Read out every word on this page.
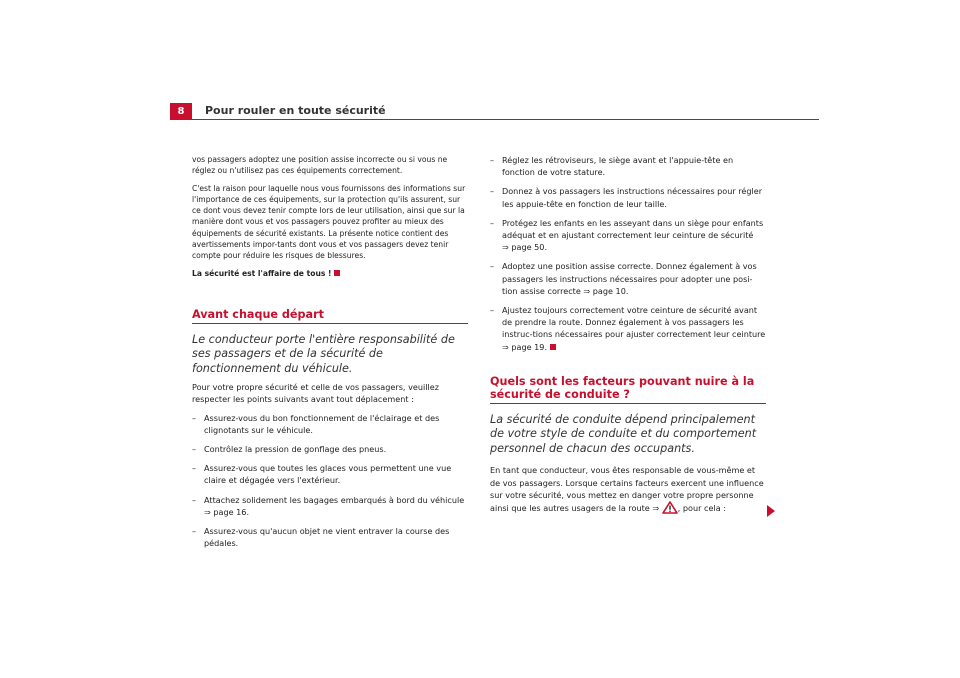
8	Pour rouler en toute sécurité

vos passagers adoptez une position assise incorrecte ou si vous ne réglez ou n'utilisez pas ces équipements correctement.

C'est la raison pour laquelle nous vous fournissons des informations sur l'importance de ces équipements, sur la protection qu'ils assurent, sur ce dont vous devez tenir compte lors de leur utilisation, ainsi que sur la manière dont vous et vos passagers pouvez profiter au mieux des équipements de sécurité existants. La présente notice contient des avertissements impor-tants dont vous et vos passagers devez tenir compte pour réduire les risques de blessures.

La sécurité est l'affaire de tous !

Avant chaque départ

Le conducteur porte l'entière responsabilité de ses passagers et de la sécurité de fonctionnement du véhicule.

Pour votre propre sécurité et celle de vos passagers, veuillez respecter les points suivants avant tout déplacement :

– Assurez-vous du bon fonctionnement de l'éclairage et des clignotants sur le véhicule.
– Contrôlez la pression de gonflage des pneus.
– Assurez-vous que toutes les glaces vous permettent une vue claire et dégagée vers l'extérieur.
– Attachez solidement les bagages embarqués à bord du véhicule
⇒ page 16.
– Assurez-vous qu'aucun objet ne vient entraver la course des pédales.
– Réglez les rétroviseurs, le siège avant et l'appuie-tête en fonction de votre stature.
– Donnez à vos passagers les instructions nécessaires pour régler les appuie-tête en fonction de leur taille.
– Protégez les enfants en les asseyant dans un siège pour enfants adéquat et en ajustant correctement leur ceinture de sécurité
⇒ page 50.
– Adoptez une position assise correcte. Donnez également à vos passagers les instructions nécessaires pour adopter une posi-tion assise correcte ⇒ page 10.
– Ajustez toujours correctement votre ceinture de sécurité avant de prendre la route. Donnez également à vos passagers les instruc-tions nécessaires pour ajuster correctement leur ceinture
⇒ page 19.
Quels sont les facteurs pouvant nuire à la sécurité de conduite ?

La sécurité de conduite dépend principalement de votre style de conduite et du comportement personnel de chacun des occupants.

En tant que conducteur, vous êtes responsable de vous-même et de vos passagers. Lorsque certains facteurs exercent une influence sur votre sécurité, vous mettez en danger votre propre personne ainsi que les autres usagers de la route ⇒ , pour cela :
